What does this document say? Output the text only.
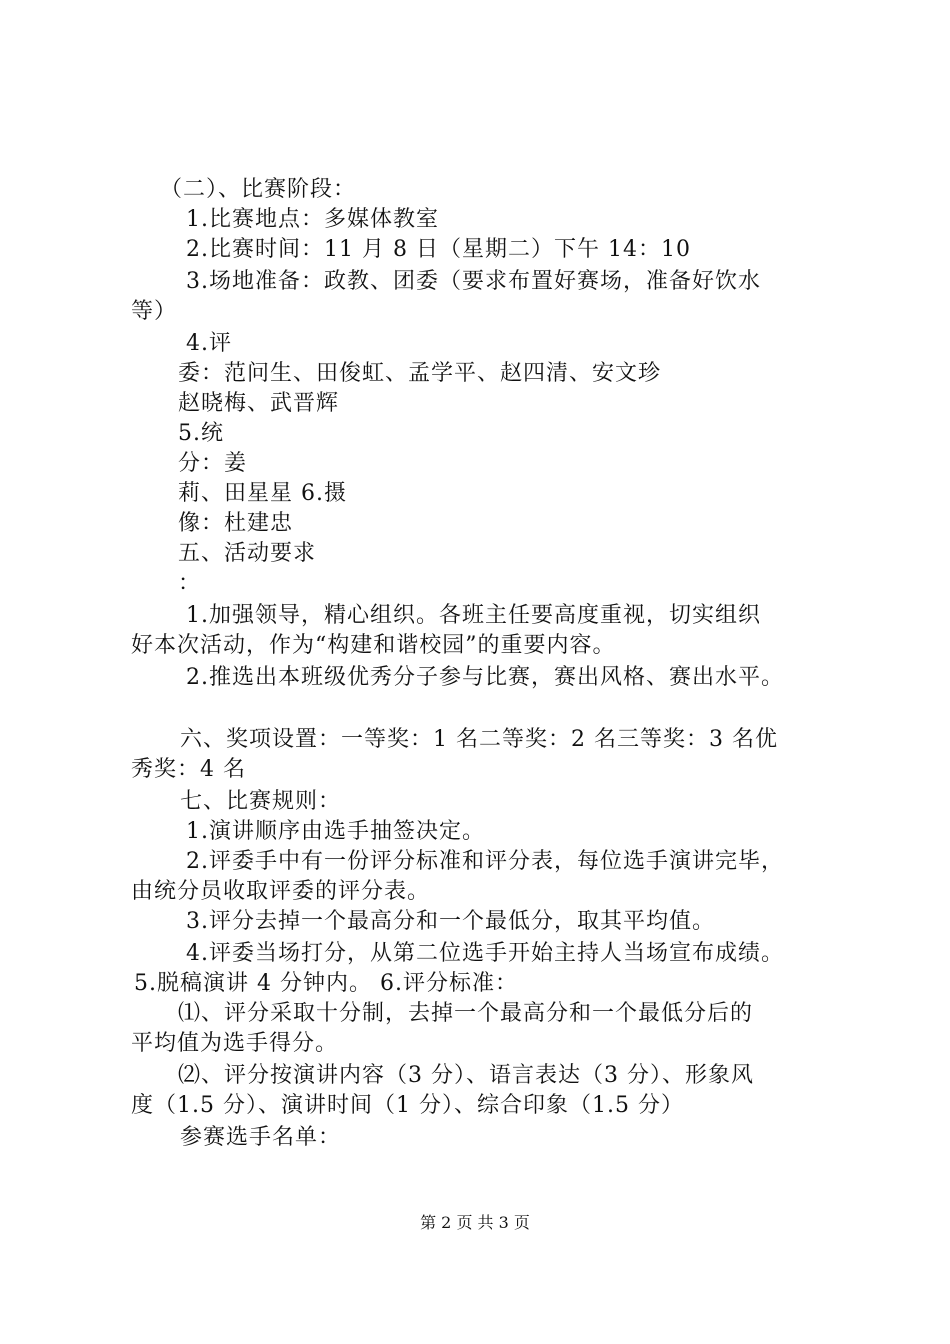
（二）、比赛阶段：
1.比赛地点：多媒体教室
2.比赛时间：11 月 8 日（星期二）下午 14：10
3.场地准备：政教、团委（要求布置好赛场，准备好饮水
等）
4.评
委：范问生、田俊虹、孟学平、赵四清、安文珍
赵晓梅、武晋辉
5.统
分：姜
莉、田星星 6.摄
像：杜建忠
五、活动要求
：
1.加强领导，精心组织。各班主任要高度重视，切实组织
好本次活动，作为“构建和谐校园”的重要内容。
2.推选出本班级优秀分子参与比赛，赛出风格、赛出水平。
六、奖项设置：一等奖：1 名二等奖：2 名三等奖：3 名优
秀奖：4 名
七、比赛规则：
1.演讲顺序由选手抽签决定。
2.评委手中有一份评分标准和评分表，每位选手演讲完毕，
由统分员收取评委的评分表。
3.评分去掉一个最高分和一个最低分，取其平均值。
4.评委当场打分，从第二位选手开始主持人当场宣布成绩。
5.脱稿演讲 4 分钟内。 6.评分标准：
⑴、评分采取十分制，去掉一个最高分和一个最低分后的
平均值为选手得分。
⑵、评分按演讲内容（3 分）、语言表达（3 分）、形象风
度（1.5 分）、演讲时间（1 分）、综合印象（1.5 分）
参赛选手名单：
第 2 页 共 3 页
